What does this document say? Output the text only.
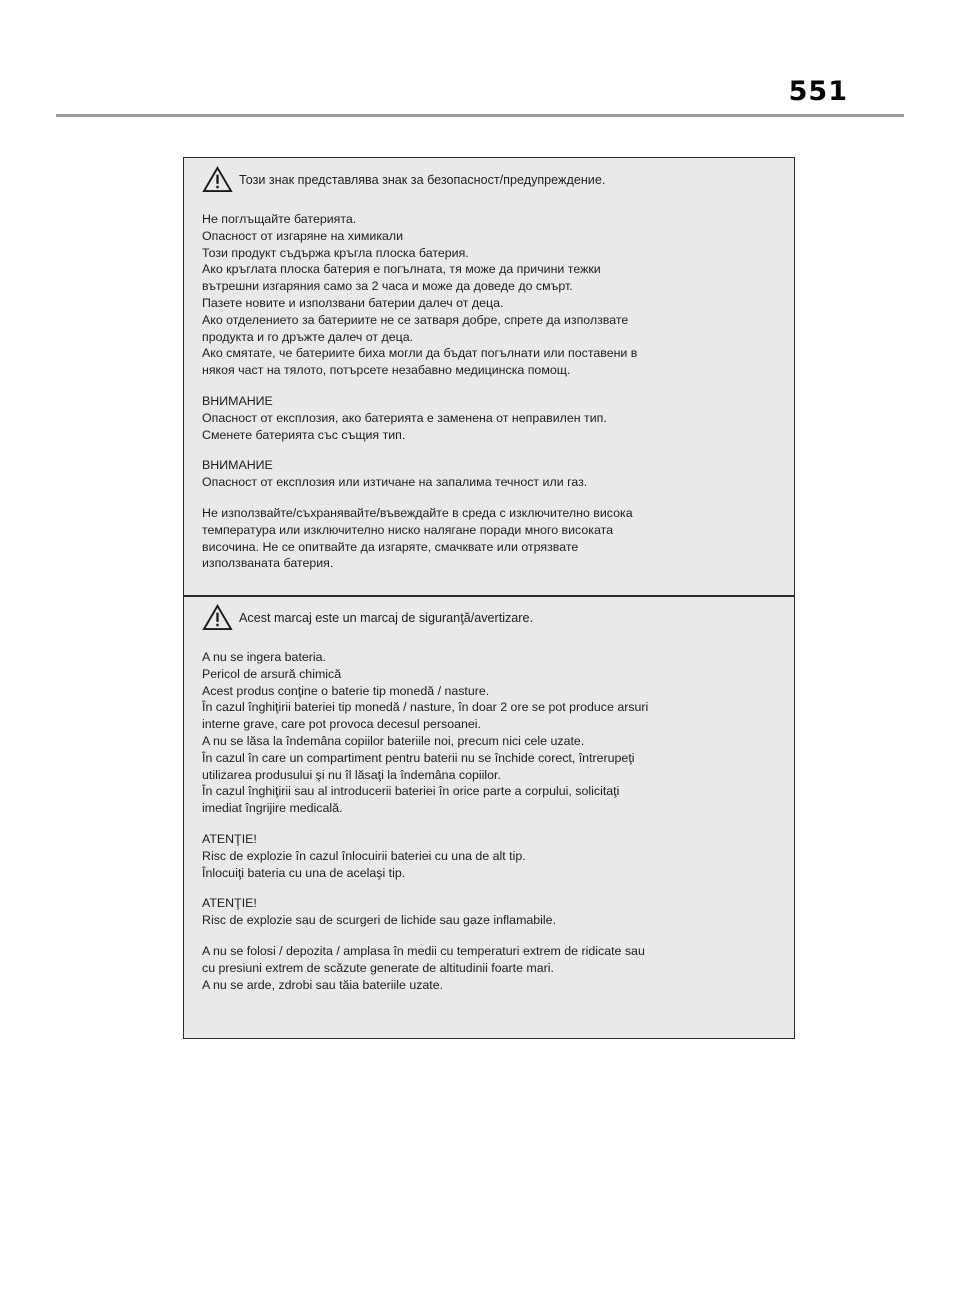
551
Този знак представлява знак за безопасност/предупреждение.

Не поглъщайте батерията.

Опасност от изгаряне на химикали

Този продукт съдържа кръгла плоска батерия.

Ако кръглата плоска батерия е погълната, тя може да причини тежки

вътрешни изгаряния само за 2 часа и може да доведе до смърт.

Пазете новите и използвани батерии далеч от деца.

Ако отделението за батериите не се затваря добре, спрете да използвате

продукта и го дръжте далеч от деца.

Ако смятате, че батериите биха могли да бъдат погълнати или поставени в

някоя част на тялото, потърсете незабавно медицинска помощ.

ВНИМАНИЕ

Опасност от експлозия, ако батерията е заменена от неправилен тип.

Сменете батерията със същия тип.

ВНИМАНИЕ

Опасност от експлозия или изтичане на запалима течност или газ.

Не използвайте/съхранявайте/въвеждайте в среда с изключително висока

температура или изключително ниско налягане поради много високата

височина. Не се опитвайте да изгаряте, смачквате или отрязвате

използваната батерия.

Acest marcaj este un marcaj de siguranţă/avertizare.

A nu se ingera bateria.

Pericol de arsură chimică

Acest produs conţine o baterie tip monedă / nasture.

În cazul înghiţirii bateriei tip monedă / nasture, în doar 2 ore se pot produce arsuri

interne grave, care pot provoca decesul persoanei.

A nu se lăsa la îndemâna copiilor bateriile noi, precum nici cele uzate.

În cazul în care un compartiment pentru baterii nu se închide corect, întrerupeţi

utilizarea produsului şi nu îl lăsaţi la îndemâna copiilor.

În cazul înghiţirii sau al introducerii bateriei în orice parte a corpului, solicitaţi

imediat îngrijire medicală.

ATENŢIE!

Risc de explozie în cazul înlocuirii bateriei cu una de alt tip.

Înlocuiţi bateria cu una de acelaşi tip.

ATENŢIE!

Risc de explozie sau de scurgeri de lichide sau gaze inflamabile.

A nu se folosi / depozita / amplasa în medii cu temperaturi extrem de ridicate sau

cu presiuni extrem de scăzute generate de altitudinii foarte mari.

A nu se arde, zdrobi sau tăia bateriile uzate.
